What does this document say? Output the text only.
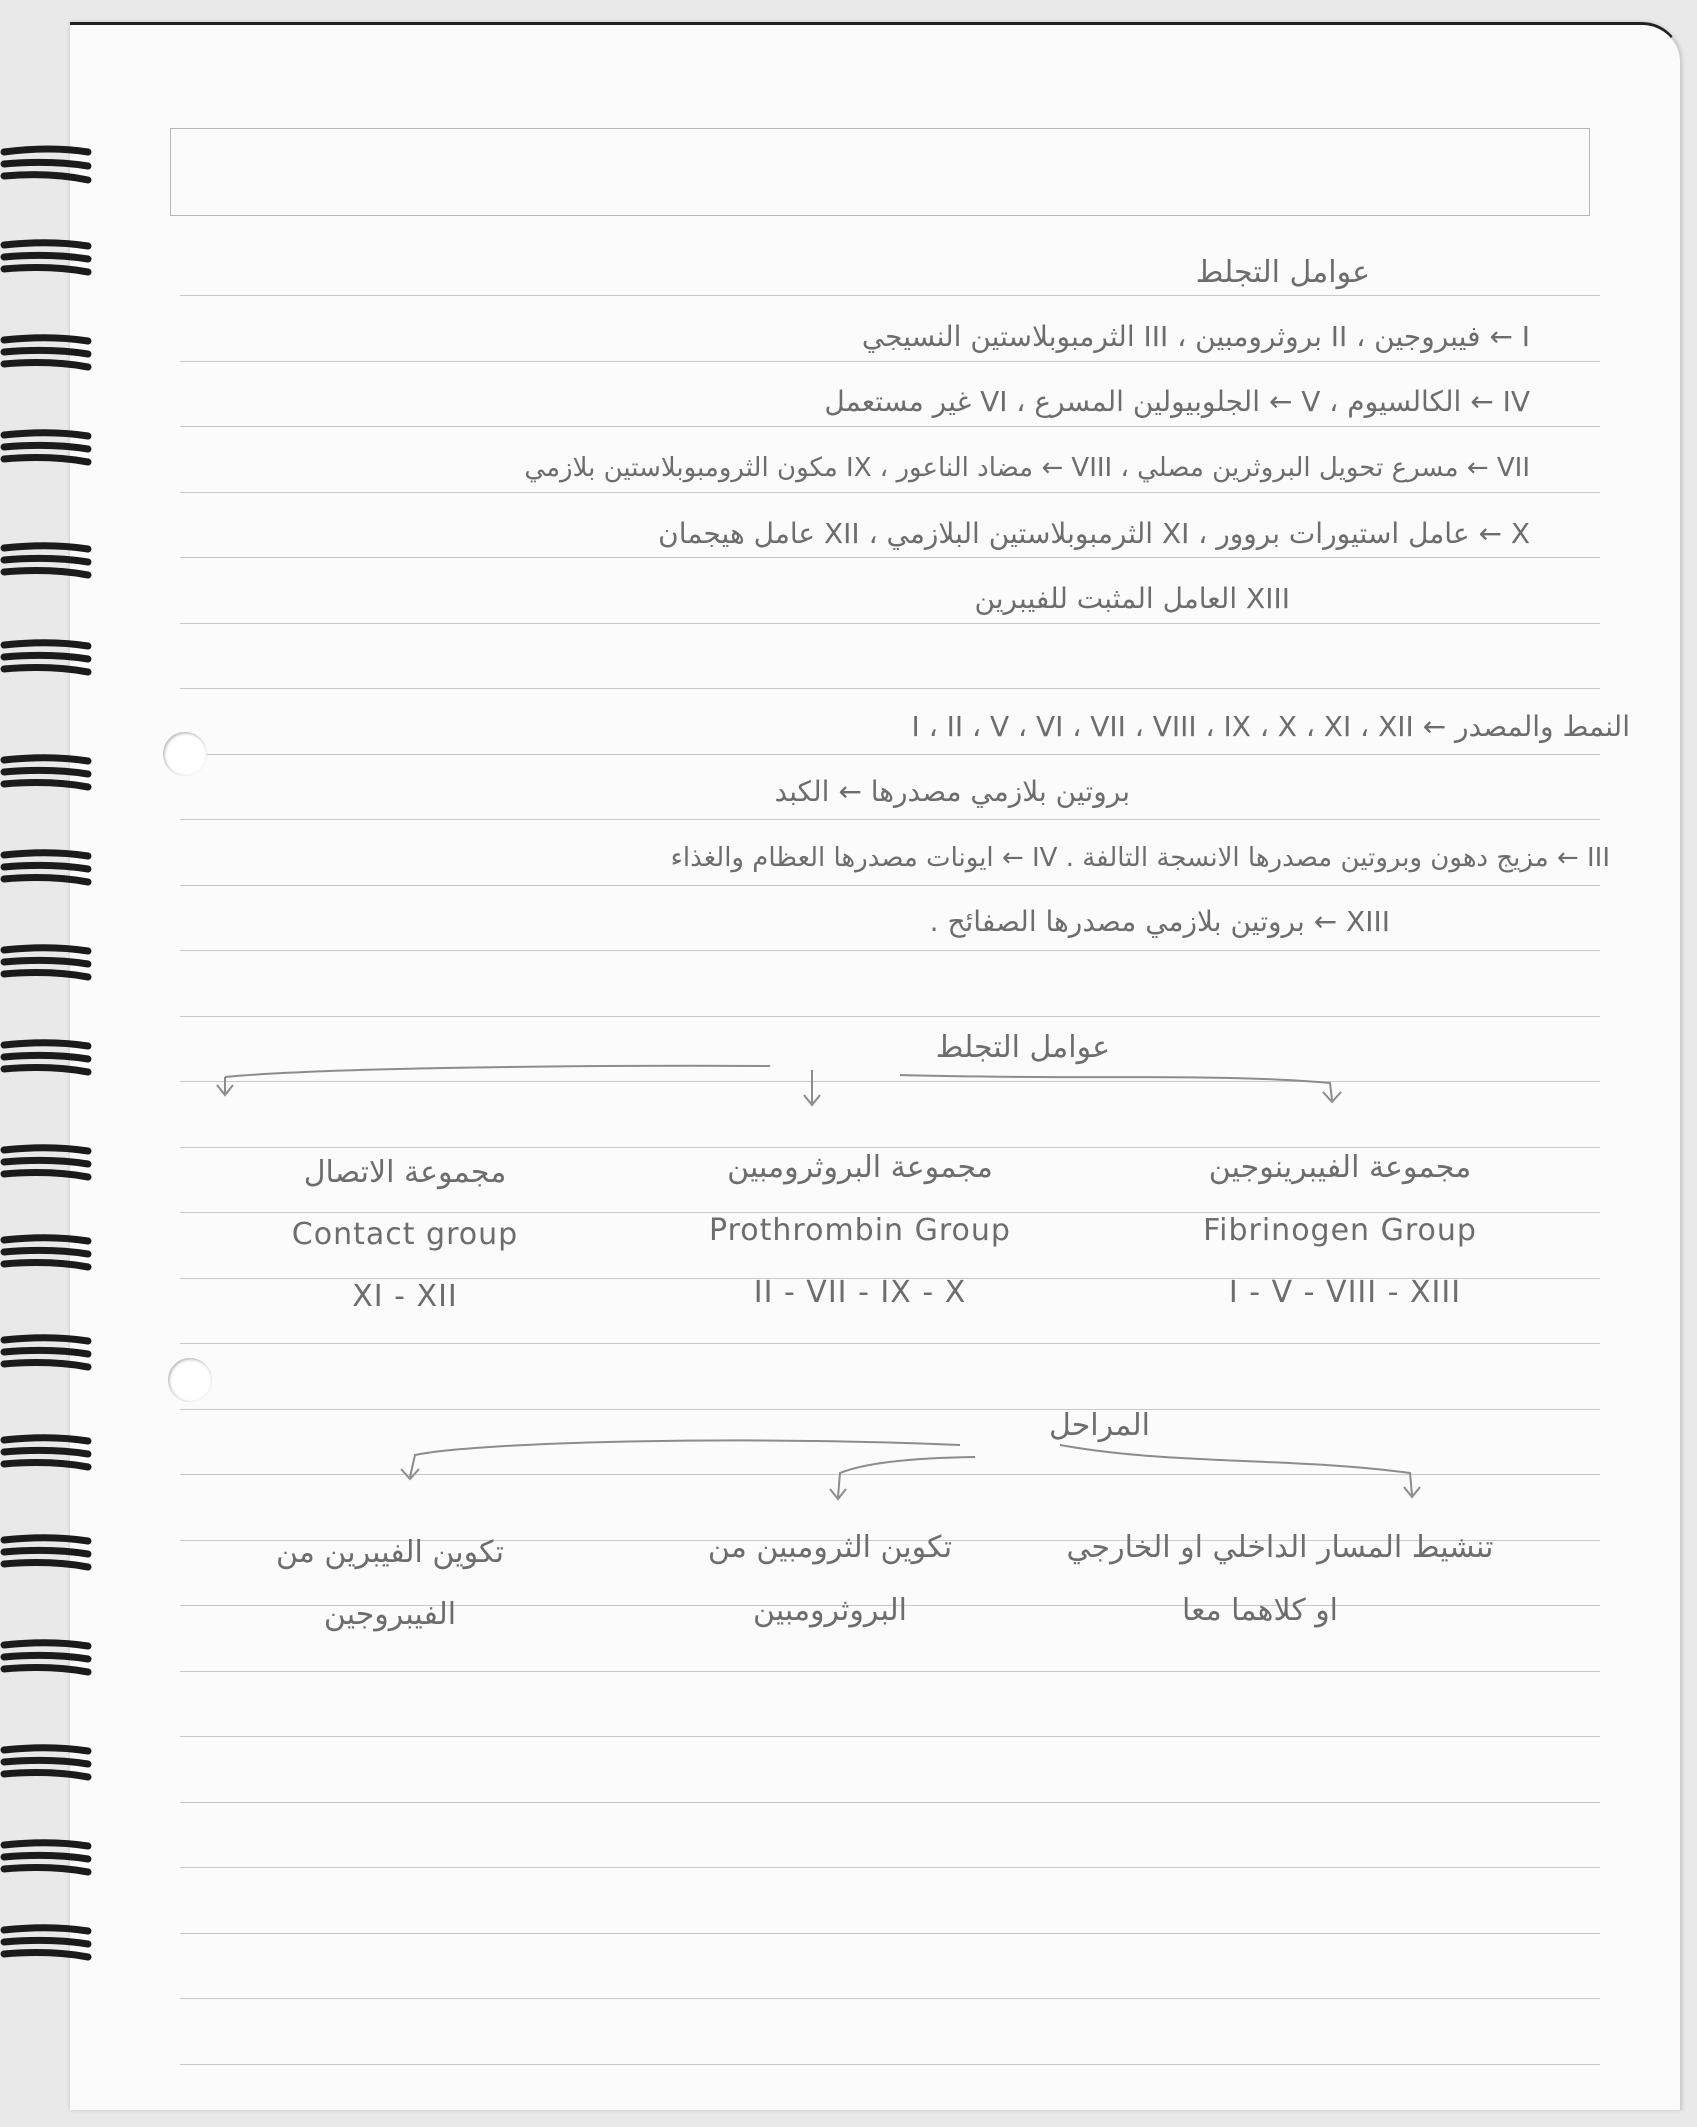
عوامل التجلط
I ← فيبروجين ، II بروثرومبين ، III الثرمبوبلاستين النسيجي
IV ← الكالسيوم ، V ← الجلوبيولين المسرع ، VI غير مستعمل
VII ← مسرع تحويل البروثرين مصلي ، VIII ← مضاد الناعور ، IX مكون الثرومبوبلاستين بلازمي
X ← عامل استيورات بروور ، XI الثرمبوبلاستين البلازمي ، XII عامل هيجمان
XIII العامل المثبت للفيبرين
النمط والمصدر ← I ، II ، V ، VI ، VII ، VIII ، IX ، X ، XI ، XII
بروتين بلازمي مصدرها ← الكبد
III ← مزيج دهون وبروتين مصدرها الانسجة التالفة . IV ← ايونات مصدرها العظام والغذاء
XIII ← بروتين بلازمي مصدرها الصفائح .
عوامل التجلط
مجموعة الفيبرينوجين
Fibrinogen Group
I - V - VIII - XIII
مجموعة البروثرومبين
Prothrombin Group
II - VII - IX - X
مجموعة الاتصال
Contact group
XI - XII
المراحل
تنشيط المسار الداخلي او الخارجي
او كلاهما معا
تكوين الثرومبين من
البروثرومبين
تكوين الفيبرين من
الفيبروجين
